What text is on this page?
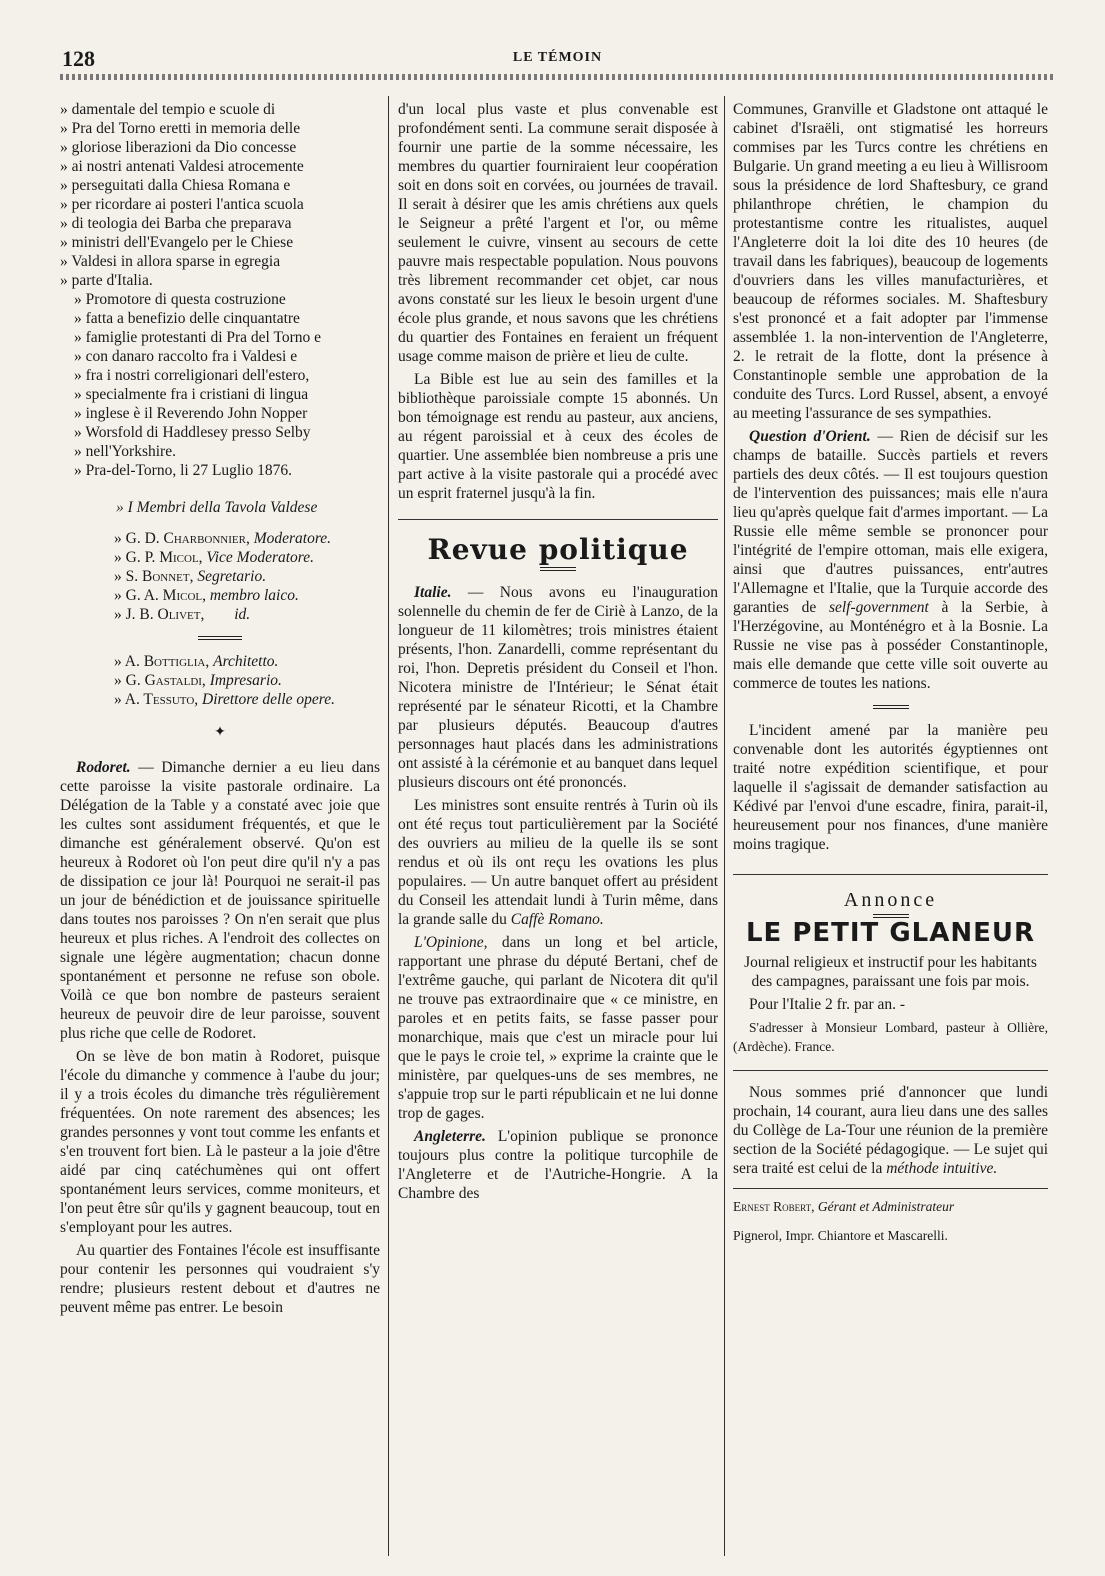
128	LE TÉMOIN
» damentale del tempio e scuole di
» Pra del Torno eretti in memoria delle
» gloriose liberazioni da Dio concesse
» ai nostri antenati Valdesi atrocemente
» perseguitati dalla Chiesa Romana e
» per ricordare ai posteri l'antica scuola
» di teologia dei Barba che preparava
» ministri dell'Evangelo per le Chiese
» Valdesi in allora sparse in egregia
» parte d'Italia.
» Promotore di questa costruzione
» fatta a benefizio delle cinquantatre
» famiglie protestanti di Pra del Torno e
» con danaro raccolto fra i Valdesi e
» fra i nostri correligionari dell'estero,
» specialmente fra i cristiani di lingua
» inglese è il Reverendo John Nopper
» Worsfold di Haddlesey presso Selby
» nell'Yorkshire.
» Pra-del-Torno, li 27 Luglio 1876.
» I Membri della Tavola Valdese
» G. D. Charbonnier, Moderatore.
» G. P. Micol, Vice Moderatore.
» S. Bonnet, Segretario.
» G. A. Micol, membro laico.
» J. B. Olivet, id.
» A. Bottiglia, Architetto.
» G. Gastaldi, Impresario.
» A. Tessuto, Direttore delle opere.
✦

Rodoret. — Dimanche dernier a eu lieu dans cette paroisse la visite pastorale ordinaire. La Délégation de la Table y a constaté avec joie que les cultes sont assidument fréquentés, et que le dimanche est généralement observé. Qu'on est heureux à Rodoret où l'on peut dire qu'il n'y a pas de dissipation ce jour là! Pourquoi ne serait-il pas un jour de bénédiction et de jouissance spirituelle dans toutes nos paroisses ? On n'en serait que plus heureux et plus riches. A l'endroit des collectes on signale une légère augmentation; chacun donne spontanément et personne ne refuse son obole. Voilà ce que bon nombre de pasteurs seraient heureux de peuvoir dire de leur paroisse, souvent plus riche que celle de Rodoret.

On se lève de bon matin à Rodoret, puisque l'école du dimanche y commence à l'aube du jour; il y a trois écoles du dimanche très régulièrement fréquentées. On note rarement des absences; les grandes personnes y vont tout comme les enfants et s'en trouvent fort bien. Là le pasteur a la joie d'être aidé par cinq catéchumènes qui ont offert spontanément leurs services, comme moniteurs, et l'on peut être sûr qu'ils y gagnent beaucoup, tout en s'employant pour les autres.

Au quartier des Fontaines l'école est insuffisante pour contenir les personnes qui voudraient s'y rendre; plusieurs restent debout et d'autres ne peuvent même pas entrer. Le besoin

d'un local plus vaste et plus convenable est profondément senti. La commune serait disposée à fournir une partie de la somme nécessaire, les membres du quartier fourniraient leur coopération soit en dons soit en corvées, ou journées de travail. Il serait à désirer que les amis chrétiens aux quels le Seigneur a prêté l'argent et l'or, ou même seulement le cuivre, vinsent au secours de cette pauvre mais respectable population. Nous pouvons très librement recommander cet objet, car nous avons constaté sur les lieux le besoin urgent d'une école plus grande, et nous savons que les chrétiens du quartier des Fontaines en feraient un fréquent usage comme maison de prière et lieu de culte.

La Bible est lue au sein des familles et la bibliothèque paroissiale compte 15 abonnés. Un bon témoignage est rendu au pasteur, aux anciens, au régent paroissial et à ceux des écoles de quartier. Une assemblée bien nombreuse a pris une part active à la visite pastorale qui a procédé avec un esprit fraternel jusqu'à la fin.

Revue politique

Italie. — Nous avons eu l'inauguration solennelle du chemin de fer de Ciriè à Lanzo, de la longueur de 11 kilomètres; trois ministres étaient présents, l'hon. Zanardelli, comme représentant du roi, l'hon. Depretis président du Conseil et l'hon. Nicotera ministre de l'Intérieur; le Sénat était représenté par le sénateur Ricotti, et la Chambre par plusieurs députés. Beaucoup d'autres personnages haut placés dans les administrations ont assisté à la cérémonie et au banquet dans lequel plusieurs discours ont été prononcés.

Les ministres sont ensuite rentrés à Turin où ils ont été reçus tout particulièrement par la Société des ouvriers au milieu de la quelle ils se sont rendus et où ils ont reçu les ovations les plus populaires. — Un autre banquet offert au président du Conseil les attendait lundi à Turin même, dans la grande salle du Caffè Romano.

L'Opinione, dans un long et bel article, rapportant une phrase du député Bertani, chef de l'extrême gauche, qui parlant de Nicotera dit qu'il ne trouve pas extraordinaire que « ce ministre, en paroles et en petits faits, se fasse passer pour monarchique, mais que c'est un miracle pour lui que le pays le croie tel, » exprime la crainte que le ministère, par quelques-uns de ses membres, ne s'appuie trop sur le parti républicain et ne lui donne trop de gages.

Angleterre. L'opinion publique se prononce toujours plus contre la politique turcophile de l'Angleterre et de l'Autriche-Hongrie. A la Chambre des

Communes, Granville et Gladstone ont attaqué le cabinet d'Israëli, ont stigmatisé les horreurs commises par les Turcs contre les chrétiens en Bulgarie. Un grand meeting a eu lieu à Willisroom sous la présidence de lord Shaftesbury, ce grand philanthrope chrétien, le champion du protestantisme contre les ritualistes, auquel l'Angleterre doit la loi dite des 10 heures (de travail dans les fabriques), beaucoup de logements d'ouvriers dans les villes manufacturières, et beaucoup de réformes sociales. M. Shaftesbury s'est prononcé et a fait adopter par l'immense assemblée 1. la non-intervention de l'Angleterre, 2. le retrait de la flotte, dont la présence à Constantinople semble une approbation de la conduite des Turcs. Lord Russel, absent, a envoyé au meeting l'assurance de ses sympathies.

Question d'Orient. — Rien de décisif sur les champs de bataille. Succès partiels et revers partiels des deux côtés. — Il est toujours question de l'intervention des puissances; mais elle n'aura lieu qu'après quelque fait d'armes important. — La Russie elle même semble se prononcer pour l'intégrité de l'empire ottoman, mais elle exigera, ainsi que d'autres puissances, entr'autres l'Allemagne et l'Italie, que la Turquie accorde des garanties de self-government à la Serbie, à l'Herzégovine, au Monténégro et à la Bosnie. La Russie ne vise pas à posséder Constantinople, mais elle demande que cette ville soit ouverte au commerce de toutes les nations.

L'incident amené par la manière peu convenable dont les autorités égyptiennes ont traité notre expédition scientifique, et pour laquelle il s'agissait de demander satisfaction au Kédivé par l'envoi d'une escadre, finira, parait-il, heureusement pour nos finances, d'une manière moins tragique.

Annonce
LE PETIT GLANEUR

Journal religieux et instructif pour les habitants des campagnes, paraissant une fois par mois.

Pour l'Italie 2 fr. par an. -

S'adresser à Monsieur Lombard, pasteur à Ollière, (Ardèche). France.

Nous sommes prié d'annoncer que lundi prochain, 14 courant, aura lieu dans une des salles du Collège de La-Tour une réunion de la première section de la Société pédagogique. — Le sujet qui sera traité est celui de la méthode intuitive.

Ernest Robert, Gérant et Administrateur
Pignerol, Impr. Chiantore et Mascarelli.
